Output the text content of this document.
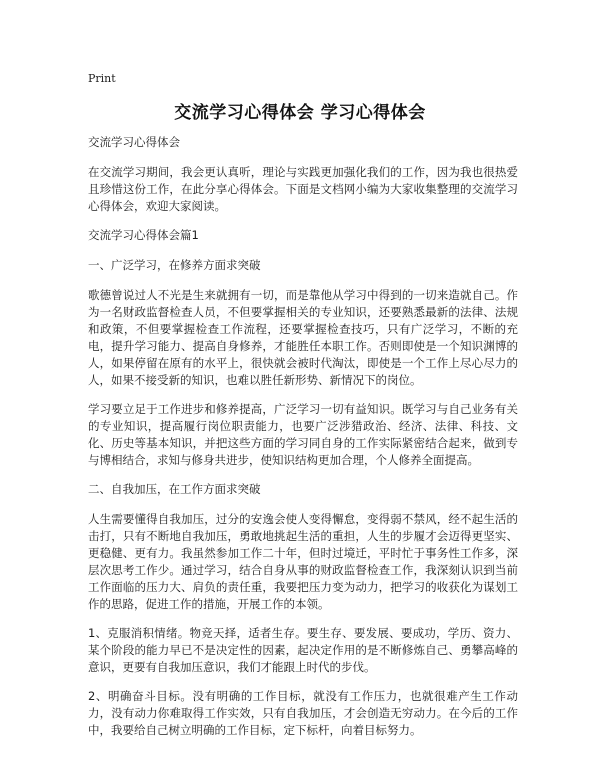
Print
交流学习心得体会 学习心得体会

交流学习心得体会

在交流学习期间，我会更认真听，理论与实践更加强化我们的工作，因为我也很热爱且珍惜这份工作，在此分享心得体会。下面是文档网小编为大家收集整理的交流学习心得体会，欢迎大家阅读。

交流学习心得体会篇1

一、广泛学习，在修养方面求突破

歌德曾说过人不光是生来就拥有一切，而是靠他从学习中得到的一切来造就自己。作为一名财政监督检查人员，不但要掌握相关的专业知识，还要熟悉最新的法律、法规和政策，不但要掌握检查工作流程，还要掌握检查技巧，只有广泛学习，不断的充电，提升学习能力、提高自身修养，才能胜任本职工作。否则即使是一个知识渊博的人，如果停留在原有的水平上，很快就会被时代淘汰，即使是一个工作上尽心尽力的人，如果不接受新的知识，也难以胜任新形势、新情况下的岗位。

学习要立足于工作进步和修养提高，广泛学习一切有益知识。既学习与自己业务有关的专业知识，提高履行岗位职责能力，也要广泛涉猎政治、经济、法律、科技、文化、历史等基本知识，并把这些方面的学习同自身的工作实际紧密结合起来，做到专与博相结合，求知与修身共进步，使知识结构更加合理，个人修养全面提高。

二、自我加压，在工作方面求突破

人生需要懂得自我加压，过分的安逸会使人变得懈怠，变得弱不禁风，经不起生活的击打，只有不断地自我加压，勇敢地挑起生活的重担，人生的步履才会迈得更坚实、更稳健、更有力。我虽然参加工作二十年，但时过境迁，平时忙于事务性工作多，深层次思考工作少。通过学习，结合自身从事的财政监督检查工作，我深刻认识到当前工作面临的压力大、肩负的责任重，我要把压力变为动力，把学习的收获化为谋划工作的思路，促进工作的措施，开展工作的本领。

1、克服消积情绪。物竞天择，适者生存。要生存、要发展、要成功，学历、资力、某个阶段的能力早已不是决定性的因素，起决定作用的是不断修炼自己、勇攀高峰的意识，更要有自我加压意识，我们才能跟上时代的步伐。

2、明确奋斗目标。没有明确的工作目标，就没有工作压力，也就很难产生工作动力，没有动力你难取得工作实效，只有自我加压，才会创造无穷动力。在今后的工作中，我要给自己树立明确的工作目标，定下标杆，向着目标努力。
